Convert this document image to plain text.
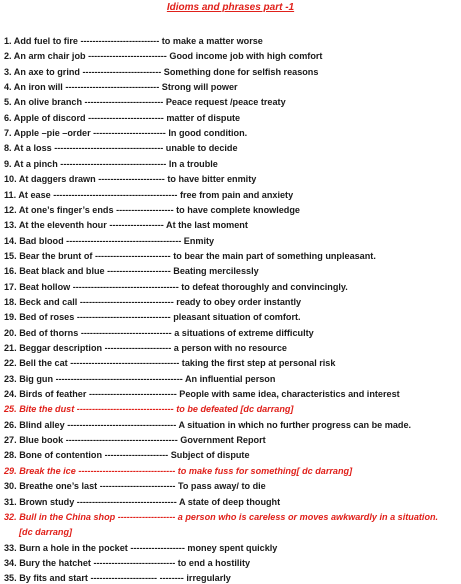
Idioms and phrases part -1
1. Add fuel to fire -------------------------- to make a matter worse
2. An arm chair job -------------------------- Good income job with high comfort
3. An axe to grind -------------------------- Something done for selfish reasons
4. An iron will ------------------------------- Strong will power
5. An olive branch -------------------------- Peace request /peace treaty
6. Apple of discord ------------------------- matter of dispute
7. Apple –pie –order ------------------------ In good condition.
8. At a loss ------------------------------------ unable to decide
9. At a pinch ----------------------------------- In a trouble
10. At daggers drawn ---------------------- to have bitter enmity
11. At ease ----------------------------------------- free from pain and anxiety
12. At one’s finger’s ends ------------------- to have complete knowledge
13. At the eleventh hour ------------------ At the last moment
14. Bad blood -------------------------------------- Enmity
15. Bear the brunt of ------------------------- to bear the main part of something unpleasant.
16. Beat black and blue --------------------- Beating mercilessly
17. Beat hollow ----------------------------------- to defeat thoroughly and convincingly.
18. Beck and call ------------------------------- ready to obey order instantly
19. Bed of roses ------------------------------- pleasant situation of comfort.
20. Bed of thorns ------------------------------ a situations of extreme difficulty
21. Beggar description ---------------------- a person with no resource
22. Bell the cat ------------------------------------ taking the first step at personal risk
23. Big gun ------------------------------------------ An influential person
24. Birds of feather ----------------------------- People with same idea, characteristics and interest
25. Bite the dust -------------------------------- to be defeated [dc darrang]
26. Blind alley ------------------------------------ A situation in which no further progress can be made.
27. Blue book ------------------------------------- Government Report
28. Bone of contention --------------------- Subject of dispute
29. Break the ice -------------------------------- to make fuss for something[ dc darrang]
30. Breathe one’s last ------------------------- To pass away/ to die
31. Brown study --------------------------------- A state of deep thought
32. Bull in the China shop ------------------- a person who is careless or moves awkwardly in a situation.
[dc darrang]
33. Burn a hole in the pocket ------------------ money spent quickly
34. Bury the hatchet --------------------------- to end a hostility
35. By fits and start ---------------------- -------- irregularly
